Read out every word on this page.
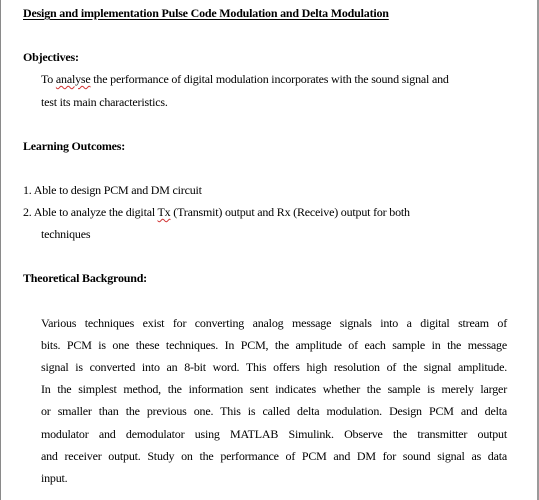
Design and implementation Pulse Code Modulation and Delta Modulation
Objectives:
To analyse the performance of digital modulation incorporates with the sound signal and
test its main characteristics.
Learning Outcomes:
1. Able to design PCM and DM circuit
2. Able to analyze the digital Tx (Transmit) output and Rx (Receive) output for both
techniques
Theoretical Background:
Various techniques exist for converting analog message signals into a digital stream of
bits. PCM is one these techniques. In PCM, the amplitude of each sample in the message
signal is converted into an 8-bit word. This offers high resolution of the signal amplitude.
In the simplest method, the information sent indicates whether the sample is merely larger
or smaller than the previous one. This is called delta modulation. Design PCM and delta
modulator and demodulator using MATLAB Simulink. Observe the transmitter output
and receiver output. Study on the performance of PCM and DM for sound signal as data
input.
